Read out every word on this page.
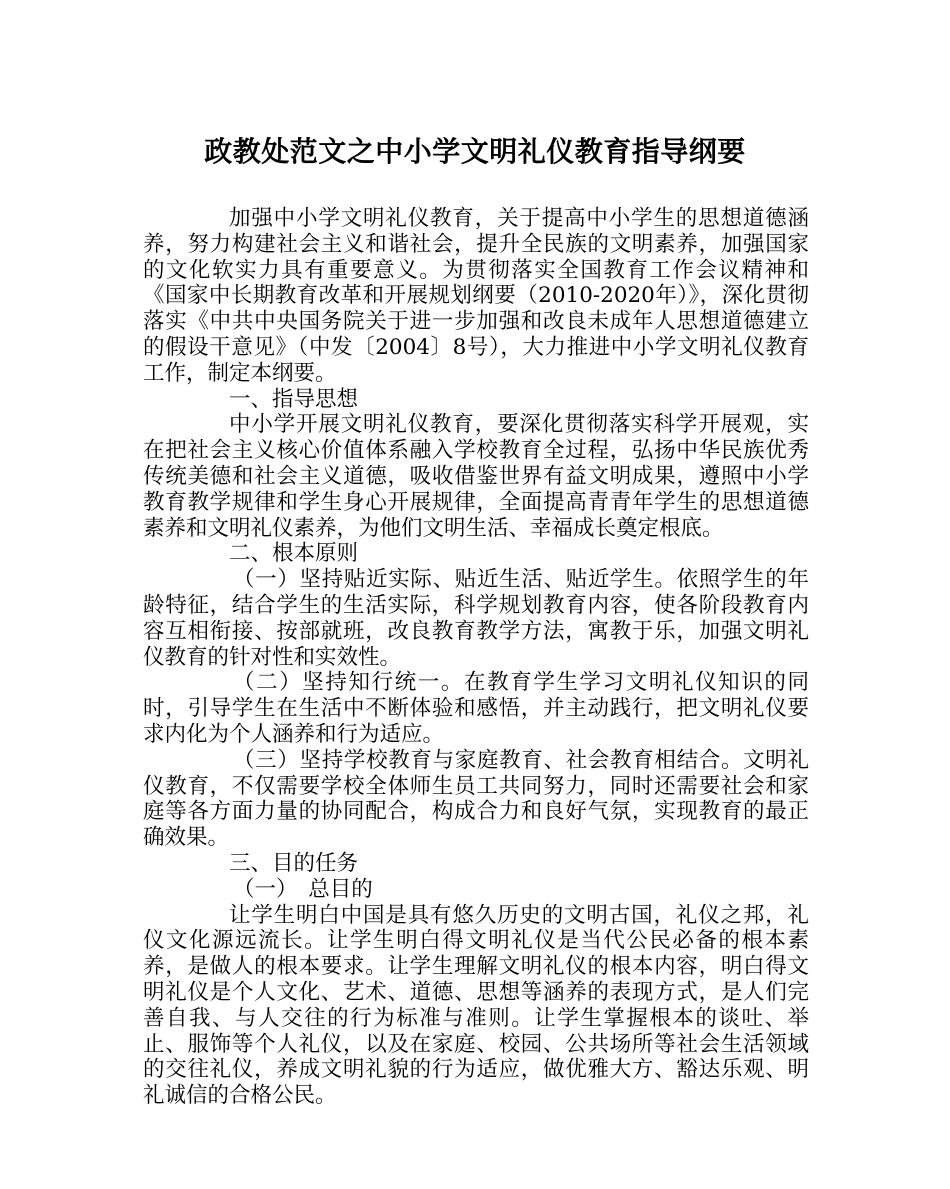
政教处范文之中小学文明礼仪教育指导纲要

加强中小学文明礼仪教育，关于提高中小学生的思想道德涵养，努力构建社会主义和谐社会，提升全民族的文明素养，加强国家的文化软实力具有重要意义。为贯彻落实全国教育工作会议精神和《国家中长期教育改革和开展规划纲要（2010-2020年）》，深化贯彻落实《中共中央国务院关于进一步加强和改良未成年人思想道德建立的假设干意见》（中发〔2004〕8号），大力推进中小学文明礼仪教育工作，制定本纲要。

一、指导思想

中小学开展文明礼仪教育，要深化贯彻落实科学开展观，实在把社会主义核心价值体系融入学校教育全过程，弘扬中华民族优秀传统美德和社会主义道德，吸收借鉴世界有益文明成果，遵照中小学教育教学规律和学生身心开展规律，全面提高青青年学生的思想道德素养和文明礼仪素养，为他们文明生活、幸福成长奠定根底。

二、根本原则

（一）坚持贴近实际、贴近生活、贴近学生。依照学生的年龄特征，结合学生的生活实际，科学规划教育内容，使各阶段教育内容互相衔接、按部就班，改良教育教学方法，寓教于乐，加强文明礼仪教育的针对性和实效性。

（二）坚持知行统一。在教育学生学习文明礼仪知识的同时，引导学生在生活中不断体验和感悟，并主动践行，把文明礼仪要求内化为个人涵养和行为适应。

（三）坚持学校教育与家庭教育、社会教育相结合。文明礼仪教育，不仅需要学校全体师生员工共同努力，同时还需要社会和家庭等各方面力量的协同配合，构成合力和良好气氛，实现教育的最正确效果。

三、目的任务

（一）　总目的

让学生明白中国是具有悠久历史的文明古国，礼仪之邦，礼仪文化源远流长。让学生明白得文明礼仪是当代公民必备的根本素养，是做人的根本要求。让学生理解文明礼仪的根本内容，明白得文明礼仪是个人文化、艺术、道德、思想等涵养的表现方式，是人们完善自我、与人交往的行为标准与准则。让学生掌握根本的谈吐、举止、服饰等个人礼仪，以及在家庭、校园、公共场所等社会生活领域的交往礼仪，养成文明礼貌的行为适应，做优雅大方、豁达乐观、明礼诚信的合格公民。
